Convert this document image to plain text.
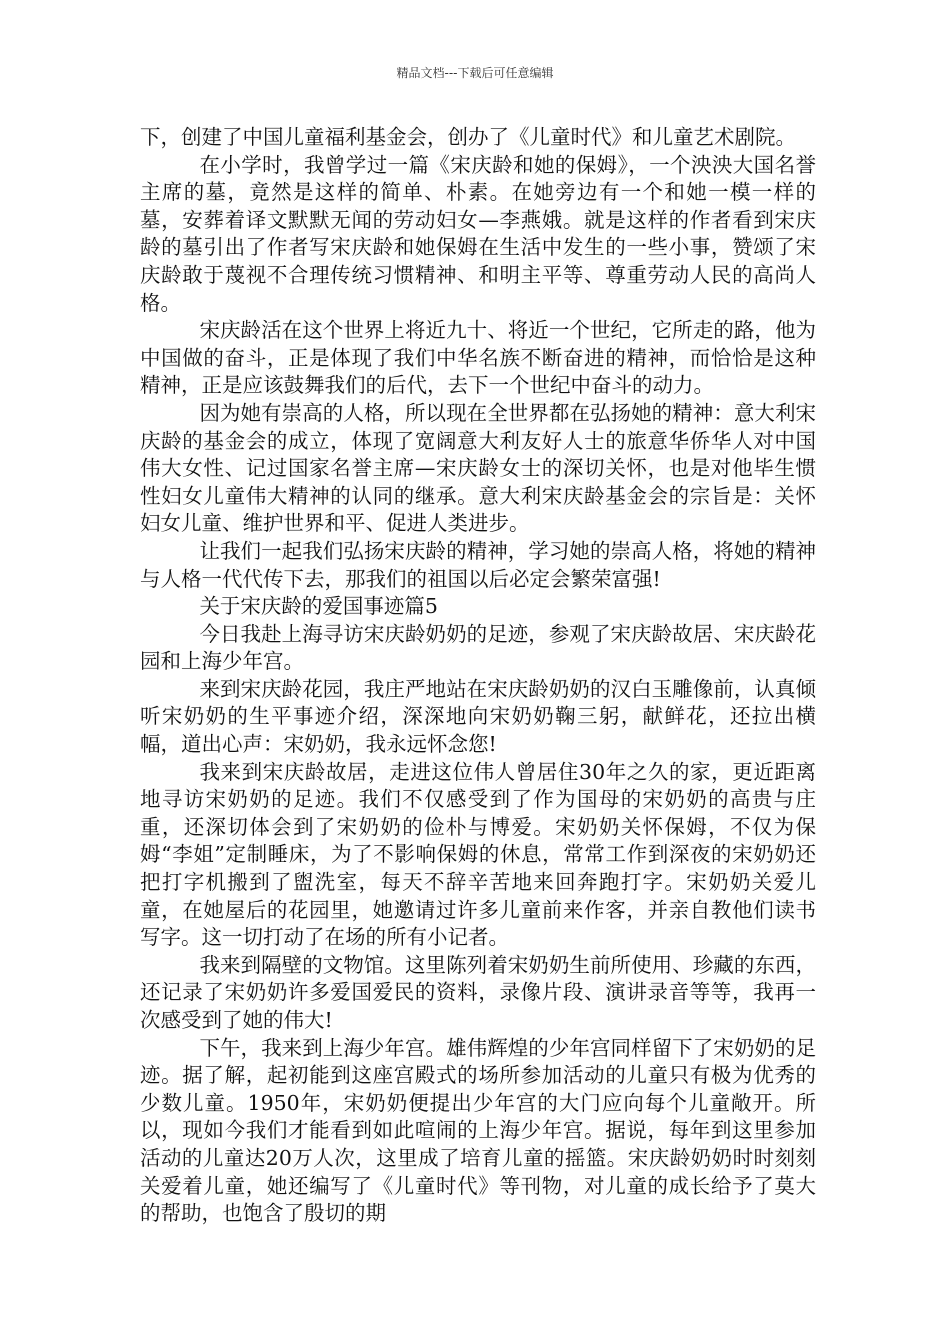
精品文档---下载后可任意编辑

下，创建了中国儿童福利基金会，创办了《儿童时代》和儿童艺术剧院。

在小学时，我曾学过一篇《宋庆龄和她的保姆》，一个泱泱大国名誉主席的墓，竟然是这样的简单、朴素。在她旁边有一个和她一模一样的墓，安葬着译文默默无闻的劳动妇女—李燕娥。就是这样的作者看到宋庆龄的墓引出了作者写宋庆龄和她保姆在生活中发生的一些小事，赞颂了宋庆龄敢于蔑视不合理传统习惯精神、和明主平等、尊重劳动人民的高尚人格。

宋庆龄活在这个世界上将近九十、将近一个世纪，它所走的路，他为中国做的奋斗，正是体现了我们中华名族不断奋进的精神，而恰恰是这种精神，正是应该鼓舞我们的后代，去下一个世纪中奋斗的动力。

因为她有崇高的人格，所以现在全世界都在弘扬她的精神：意大利宋庆龄的基金会的成立，体现了宽阔意大利友好人士的旅意华侨华人对中国伟大女性、记过国家名誉主席—宋庆龄女士的深切关怀，也是对他毕生惯性妇女儿童伟大精神的认同的继承。意大利宋庆龄基金会的宗旨是：关怀妇女儿童、维护世界和平、促进人类进步。

让我们一起我们弘扬宋庆龄的精神，学习她的崇高人格，将她的精神与人格一代代传下去，那我们的祖国以后必定会繁荣富强!

关于宋庆龄的爱国事迹篇5

今日我赴上海寻访宋庆龄奶奶的足迹，参观了宋庆龄故居、宋庆龄花园和上海少年宫。

来到宋庆龄花园，我庄严地站在宋庆龄奶奶的汉白玉雕像前，认真倾听宋奶奶的生平事迹介绍，深深地向宋奶奶鞠三躬，献鲜花，还拉出横幅，道出心声：宋奶奶，我永远怀念您!

我来到宋庆龄故居，走进这位伟人曾居住30年之久的家，更近距离地寻访宋奶奶的足迹。我们不仅感受到了作为国母的宋奶奶的高贵与庄重，还深切体会到了宋奶奶的俭朴与博爱。宋奶奶关怀保姆，不仅为保姆“李姐”定制睡床，为了不影响保姆的休息，常常工作到深夜的宋奶奶还把打字机搬到了盥洗室，每天不辞辛苦地来回奔跑打字。宋奶奶关爱儿童，在她屋后的花园里，她邀请过许多儿童前来作客，并亲自教他们读书写字。这一切打动了在场的所有小记者。

我来到隔壁的文物馆。这里陈列着宋奶奶生前所使用、珍藏的东西，还记录了宋奶奶许多爱国爱民的资料，录像片段、演讲录音等等，我再一次感受到了她的伟大!

下午，我来到上海少年宫。雄伟辉煌的少年宫同样留下了宋奶奶的足迹。据了解，起初能到这座宫殿式的场所参加活动的儿童只有极为优秀的少数儿童。1950年，宋奶奶便提出少年宫的大门应向每个儿童敞开。所以，现如今我们才能看到如此喧闹的上海少年宫。据说，每年到这里参加活动的儿童达20万人次，这里成了培育儿童的摇篮。宋庆龄奶奶时时刻刻关爱着儿童，她还编写了《儿童时代》等刊物，对儿童的成长给予了莫大的帮助，也饱含了殷切的期
